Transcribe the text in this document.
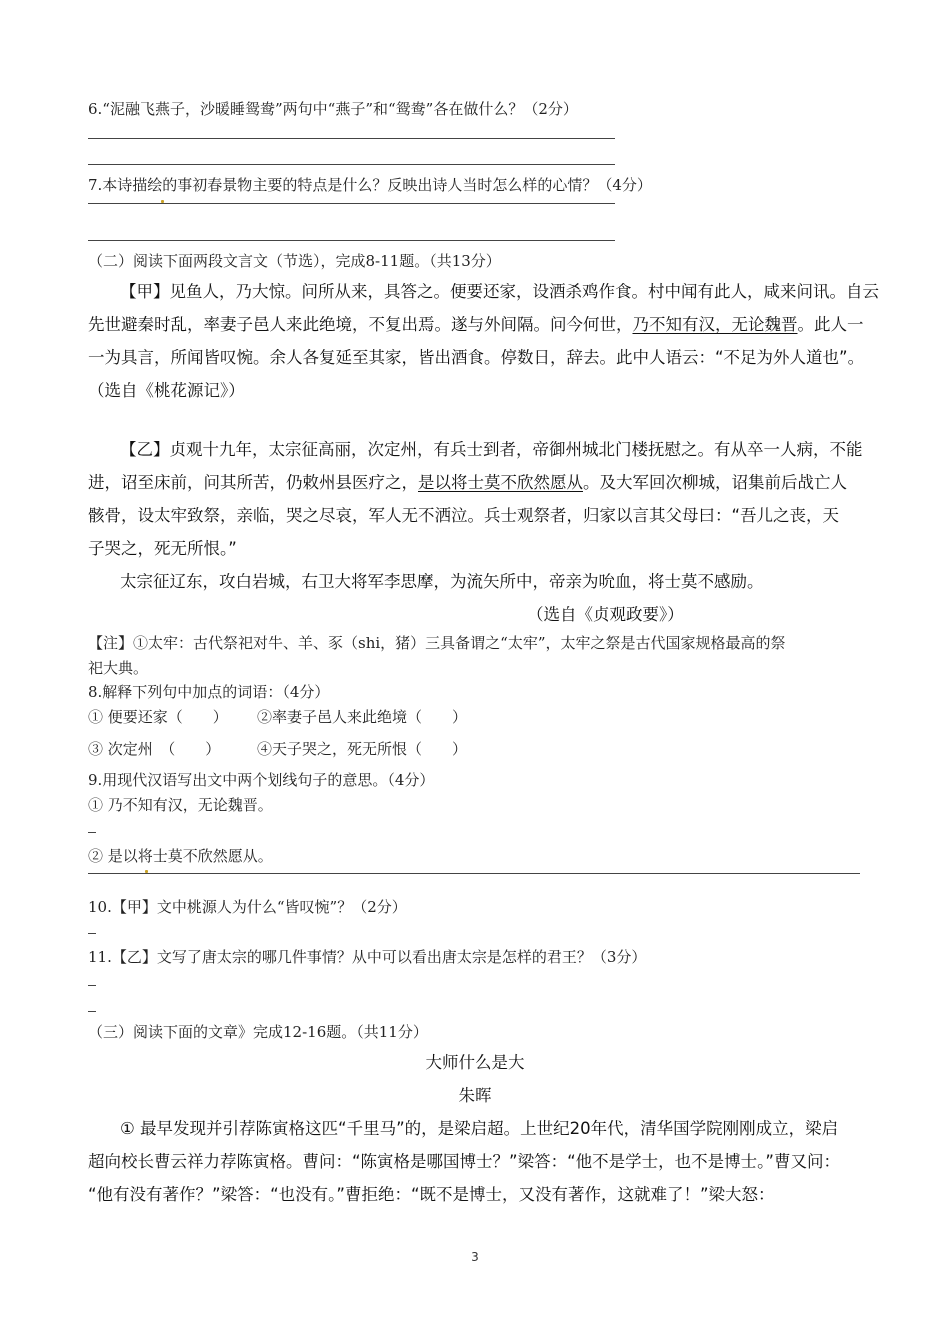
6.“泥融飞燕子，沙暖睡鸳鸯”两句中“燕子”和“鸳鸯”各在做什么？（2分）
7.本诗描绘的事初春景物主要的特点是什么？反映出诗人当时怎么样的心情？（4分）
（二）阅读下面两段文言文（节选），完成8-11题。（共13分）
【甲】见鱼人，乃大惊。问所从来，具答之。便要还家，设酒杀鸡作食。村中闻有此人，咸来问讯。自云
先世避秦时乱，率妻子邑人来此绝境，不复出焉。遂与外间隔。问今何世，乃不知有汉，无论魏晋。此人一
一为具言，所闻皆叹惋。余人各复延至其家，皆出酒食。停数日，辞去。此中人语云：“不足为外人道也”。
（选自《桃花源记》）
【乙】贞观十九年，太宗征高丽，次定州，有兵士到者，帝御州城北门楼抚慰之。有从卒一人病，不能
进，诏至床前，问其所苦，仍敕州县医疗之，是以将士莫不欣然愿从。及大军回次柳城，诏集前后战亡人
骸骨，设太牢致祭，亲临，哭之尽哀，军人无不洒泣。兵士观祭者，归家以言其父母曰：“吾儿之丧，天
子哭之，死无所恨。”
太宗征辽东，攻白岩城，右卫大将军李思摩，为流矢所中，帝亲为吮血，将士莫不感励。
（选自《贞观政要》）
【注】①太牢：古代祭祀对牛、羊、豕（shi，猪）三具备谓之“太牢”，太牢之祭是古代国家规格最高的祭
祀大典。
8.解释下列句中加点的词语：（4分）
① 便要还家（　　） ②率妻子邑人来此绝境（　　）
③ 次定州　（　　） ④天子哭之，死无所恨（　　）
9.用现代汉语写出文中两个划线句子的意思。（4分）
① 乃不知有汉，无论魏晋。
② 是以将士莫不欣然愿从。
10.【甲】文中桃源人为什么“皆叹惋”？（2分）
11.【乙】文写了唐太宗的哪几件事情？从中可以看出唐太宗是怎样的君王？（3分）
（三）阅读下面的文章》完成12-16题。（共11分）
大师什么是大
朱晖
① 最早发现并引荐陈寅格这匹“千里马”的，是梁启超。上世纪20年代，清华国学院刚刚成立，梁启
超向校长曹云祥力荐陈寅格。曹问：“陈寅格是哪国博士？”梁答：“他不是学士，也不是博士。”曹又问：
“他有没有著作？”梁答：“也没有。”曹拒绝：“既不是博士，又没有著作，这就难了！”梁大怒：
3
